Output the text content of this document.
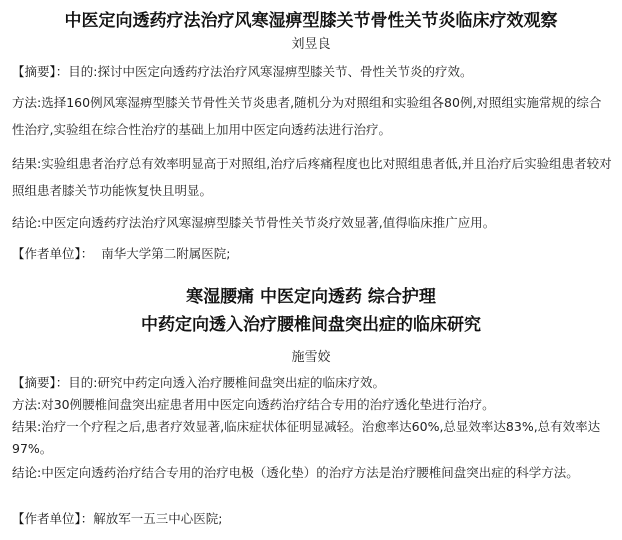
中医定向透药疗法治疗风寒湿痹型膝关节骨性关节炎临床疗效观察
刘昱良
【摘要】：目的:探讨中医定向透药疗法治疗风寒湿痹型膝关节、骨性关节炎的疗效。
方法:选择160例风寒湿痹型膝关节骨性关节炎患者,随机分为对照组和实验组各80例,对照组实施常规的综合性治疗,实验组在综合性治疗的基础上加用中医定向透药法进行治疗。
结果:实验组患者治疗总有效率明显高于对照组,治疗后疼痛程度也比对照组患者低,并且治疗后实验组患者较对照组患者膝关节功能恢复快且明显。
结论:中医定向透药疗法治疗风寒湿痹型膝关节骨性关节炎疗效显著,值得临床推广应用。
【作者单位】： 南华大学第二附属医院;
寒湿腰痛 中医定向透药 综合护理
中药定向透入治疗腰椎间盘突出症的临床研究
施雪姣
【摘要】：目的:研究中药定向透入治疗腰椎间盘突出症的临床疗效。
方法:对30例腰椎间盘突出症患者用中医定向透药治疗结合专用的治疗透化垫进行治疗。
结果:治疗一个疗程之后,患者疗效显著,临床症状体征明显减轻。治愈率达60%,总显效率达83%,总有效率达97%。
结论:中医定向透药治疗结合专用的治疗电极（透化垫）的治疗方法是治疗腰椎间盘突出症的科学方法。
【作者单位】：解放军一五三中心医院;
